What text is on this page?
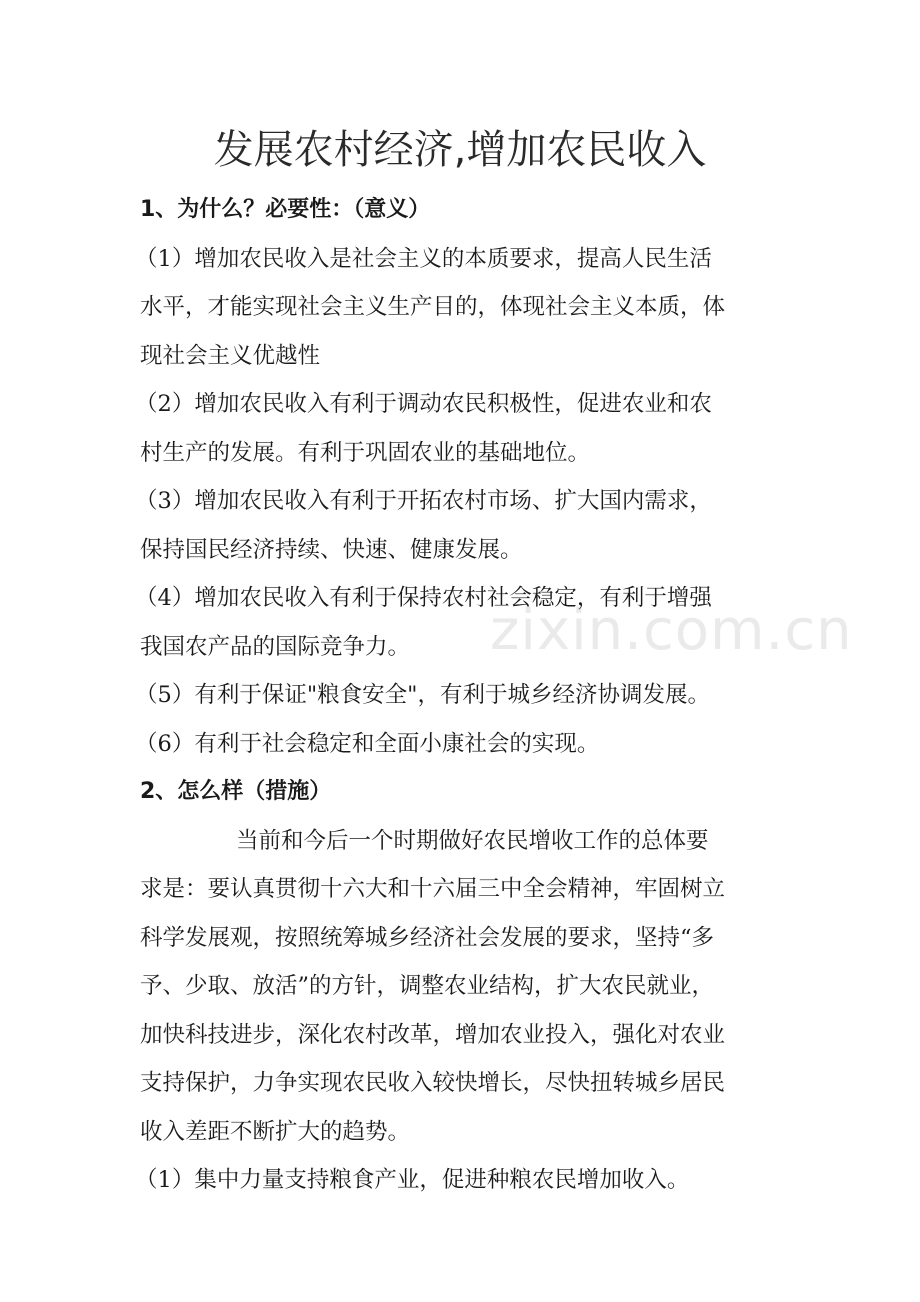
发展农村经济,增加农民收入
1、为什么？必要性：（意义）
（1）增加农民收入是社会主义的本质要求，提高人民生活
水平，才能实现社会主义生产目的，体现社会主义本质，体
现社会主义优越性
（2）增加农民收入有利于调动农民积极性，促进农业和农
村生产的发展。有利于巩固农业的基础地位。
（3）增加农民收入有利于开拓农村市场、扩大国内需求，
保持国民经济持续、快速、健康发展。
（4）增加农民收入有利于保持农村社会稳定，有利于增强
我国农产品的国际竞争力。
（5）有利于保证"粮食安全"，有利于城乡经济协调发展。
（6）有利于社会稳定和全面小康社会的实现。
2、怎么样（措施）
当前和今后一个时期做好农民增收工作的总体要
求是：要认真贯彻十六大和十六届三中全会精神，牢固树立
科学发展观，按照统筹城乡经济社会发展的要求，坚持“多
予、少取、放活”的方针，调整农业结构，扩大农民就业，
加快科技进步，深化农村改革，增加农业投入，强化对农业
支持保护，力争实现农民收入较快增长，尽快扭转城乡居民
收入差距不断扩大的趋势。
（1）集中力量支持粮食产业，促进种粮农民增加收入。
zixin.com.cn
